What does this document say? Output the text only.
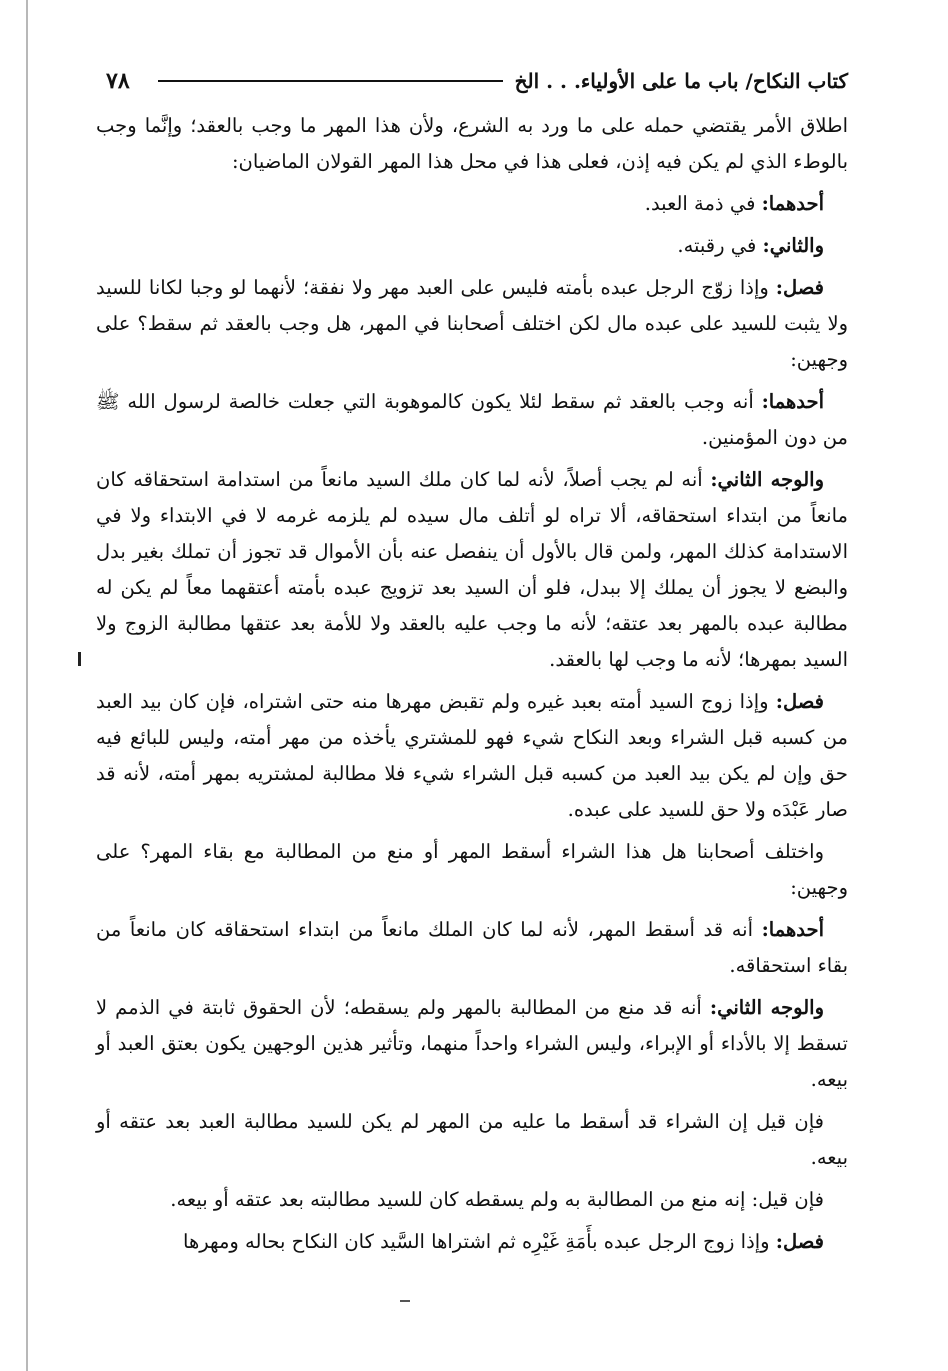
٧٨	كتاب النكاح/ باب ما على الأولياء. . . الخ

اطلاق الأمر يقتضي حمله على ما ورد به الشرع، ولأن هذا المهر ما وجب بالعقد؛ وإنَّما وجب بالوطء الذي لم يكن فيه إذن، فعلى هذا في محل هذا المهر القولان الماضيان:

أحدهما: في ذمة العبد.

والثاني: في رقبته.

فصل: وإذا زوّج الرجل عبده بأمته فليس على العبد مهر ولا نفقة؛ لأنهما لو وجبا لكانا للسيد ولا يثبت للسيد على عبده مال لكن اختلف أصحابنا في المهر، هل وجب بالعقد ثم سقط؟ على وجهين:

أحدهما: أنه وجب بالعقد ثم سقط لئلا يكون كالموهوبة التي جعلت خالصة لرسول الله ﷺ من دون المؤمنين.

والوجه الثاني: أنه لم يجب أصلاً، لأنه لما كان ملك السيد مانعاً من استدامة استحقاقه كان مانعاً من ابتداء استحقاقه، ألا تراه لو أتلف مال سيده لم يلزمه غرمه لا في الابتداء ولا في الاستدامة كذلك المهر، ولمن قال بالأول أن ينفصل عنه بأن الأموال قد تجوز أن تملك بغير بدل والبضع لا يجوز أن يملك إلا ببدل، فلو أن السيد بعد تزويج عبده بأمته أعتقهما معاً لم يكن له مطالبة عبده بالمهر بعد عتقه؛ لأنه ما وجب عليه بالعقد ولا للأمة بعد عتقها مطالبة الزوج ولا السيد بمهرها؛ لأنه ما وجب لها بالعقد.

فصل: وإذا زوج السيد أمته بعبد غيره ولم تقبض مهرها منه حتى اشتراه، فإن كان بيد العبد من كسبه قبل الشراء وبعد النكاح شيء فهو للمشتري يأخذه من مهر أمته، وليس للبائع فيه حق وإن لم يكن بيد العبد من كسبه قبل الشراء شيء فلا مطالبة لمشتريه بمهر أمته، لأنه قد صار عَبْدَه ولا حق للسيد على عبده.

واختلف أصحابنا هل هذا الشراء أسقط المهر أو منع من المطالبة مع بقاء المهر؟ على وجهين:

أحدهما: أنه قد أسقط المهر، لأنه لما كان الملك مانعاً من ابتداء استحقاقه كان مانعاً من بقاء استحقاقه.

والوجه الثاني: أنه قد منع من المطالبة بالمهر ولم يسقطه؛ لأن الحقوق ثابتة في الذمم لا تسقط إلا بالأداء أو الإبراء، وليس الشراء واحداً منهما، وتأثير هذين الوجهين يكون بعتق العبد أو بيعه.

فإن قيل إن الشراء قد أسقط ما عليه من المهر لم يكن للسيد مطالبة العبد بعد عتقه أو بيعه.

فإن قيل: إنه منع من المطالبة به ولم يسقطه كان للسيد مطالبته بعد عتقه أو بيعه.

فصل: وإذا زوج الرجل عبده بأَمَةِ غَيْرِه ثم اشتراها السَّيد كان النكاح بحاله ومهرها
